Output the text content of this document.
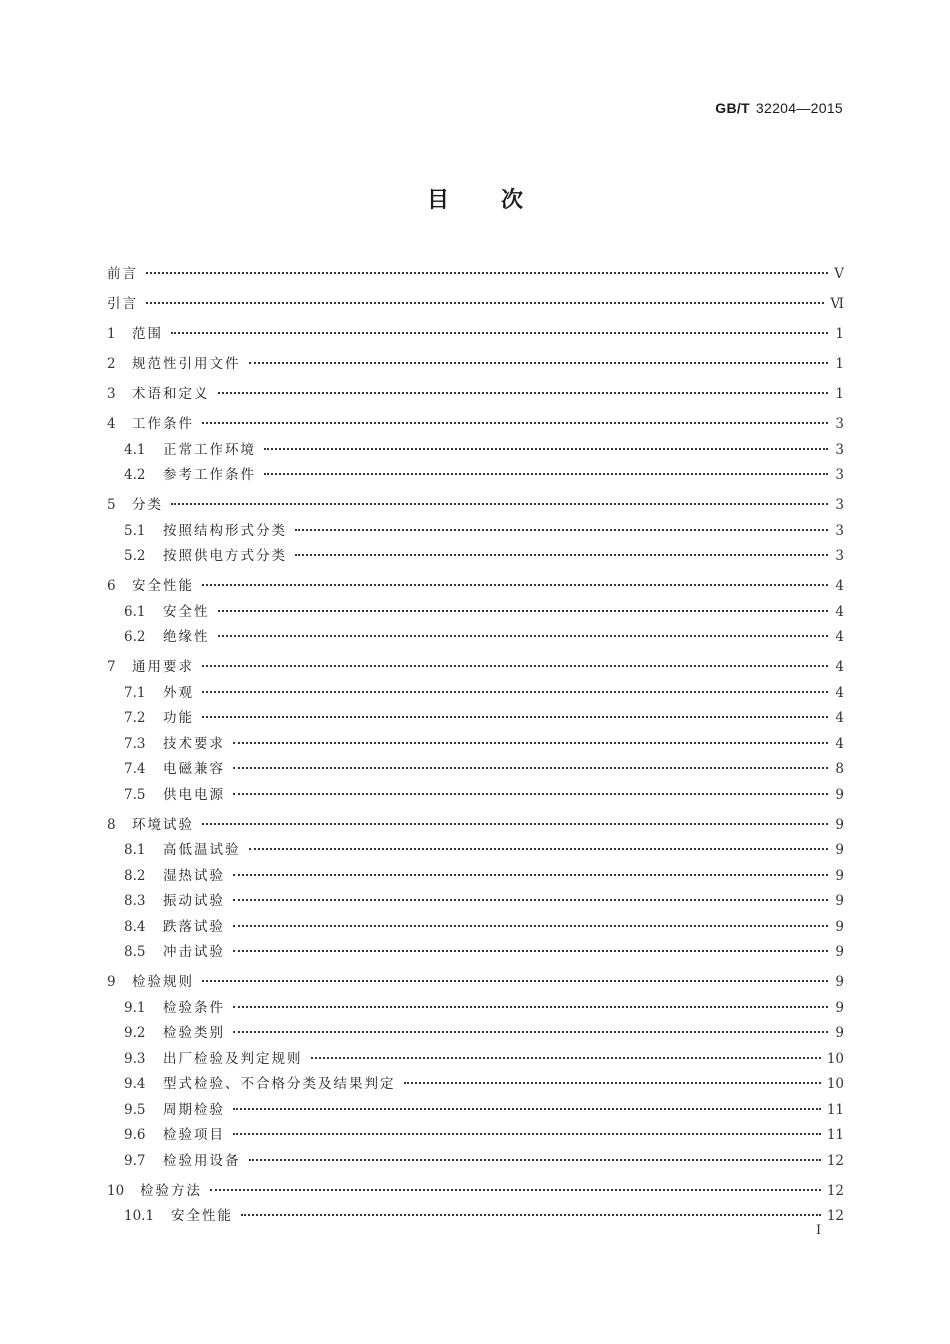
GB/T 32204—2015
目次
前言	Ⅴ
引言	Ⅵ
1	范围	1
2	规范性引用文件	1
3	术语和定义	1
4	工作条件	3
4.1	正常工作环境	3
4.2	参考工作条件	3
5	分类	3
5.1	按照结构形式分类	3
5.2	按照供电方式分类	3
6	安全性能	4
6.1	安全性	4
6.2	绝缘性	4
7	通用要求	4
7.1	外观	4
7.2	功能	4
7.3	技术要求	4
7.4	电磁兼容	8
7.5	供电电源	9
8	环境试验	9
8.1	高低温试验	9
8.2	湿热试验	9
8.3	振动试验	9
8.4	跌落试验	9
8.5	冲击试验	9
9	检验规则	9
9.1	检验条件	9
9.2	检验类别	9
9.3	出厂检验及判定规则	10
9.4	型式检验、不合格分类及结果判定	10
9.5	周期检验	11
9.6	检验项目	11
9.7	检验用设备	12
10	检验方法	12
10.1	安全性能	12
Ⅰ
